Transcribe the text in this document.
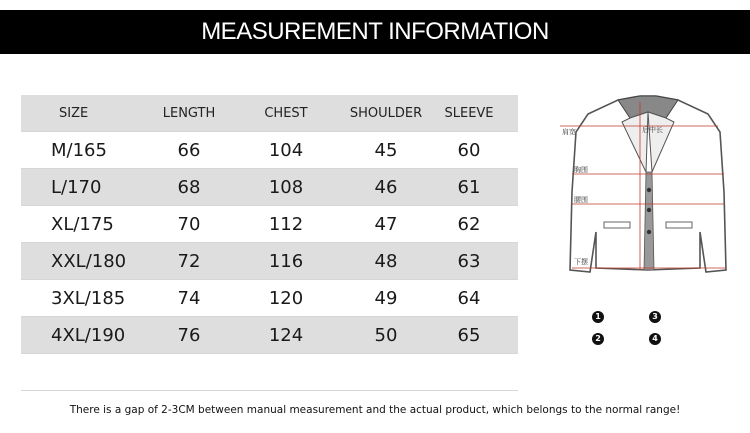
MEASUREMENT INFORMATION
SIZE	LENGTH	CHEST	SHOULDER	SLEEVE
M/165	66	104	45	60
L/170	68	108	46	61
XL/175	70	112	47	62
XXL/180	72	116	48	63
3XL/185	74	120	49	64
4XL/190	76	124	50	65
肩宽	后中长
胸围
腰围
下摆
1	3
2	4
There is a gap of 2-3CM between manual measurement and the actual product, which belongs to the normal range!
